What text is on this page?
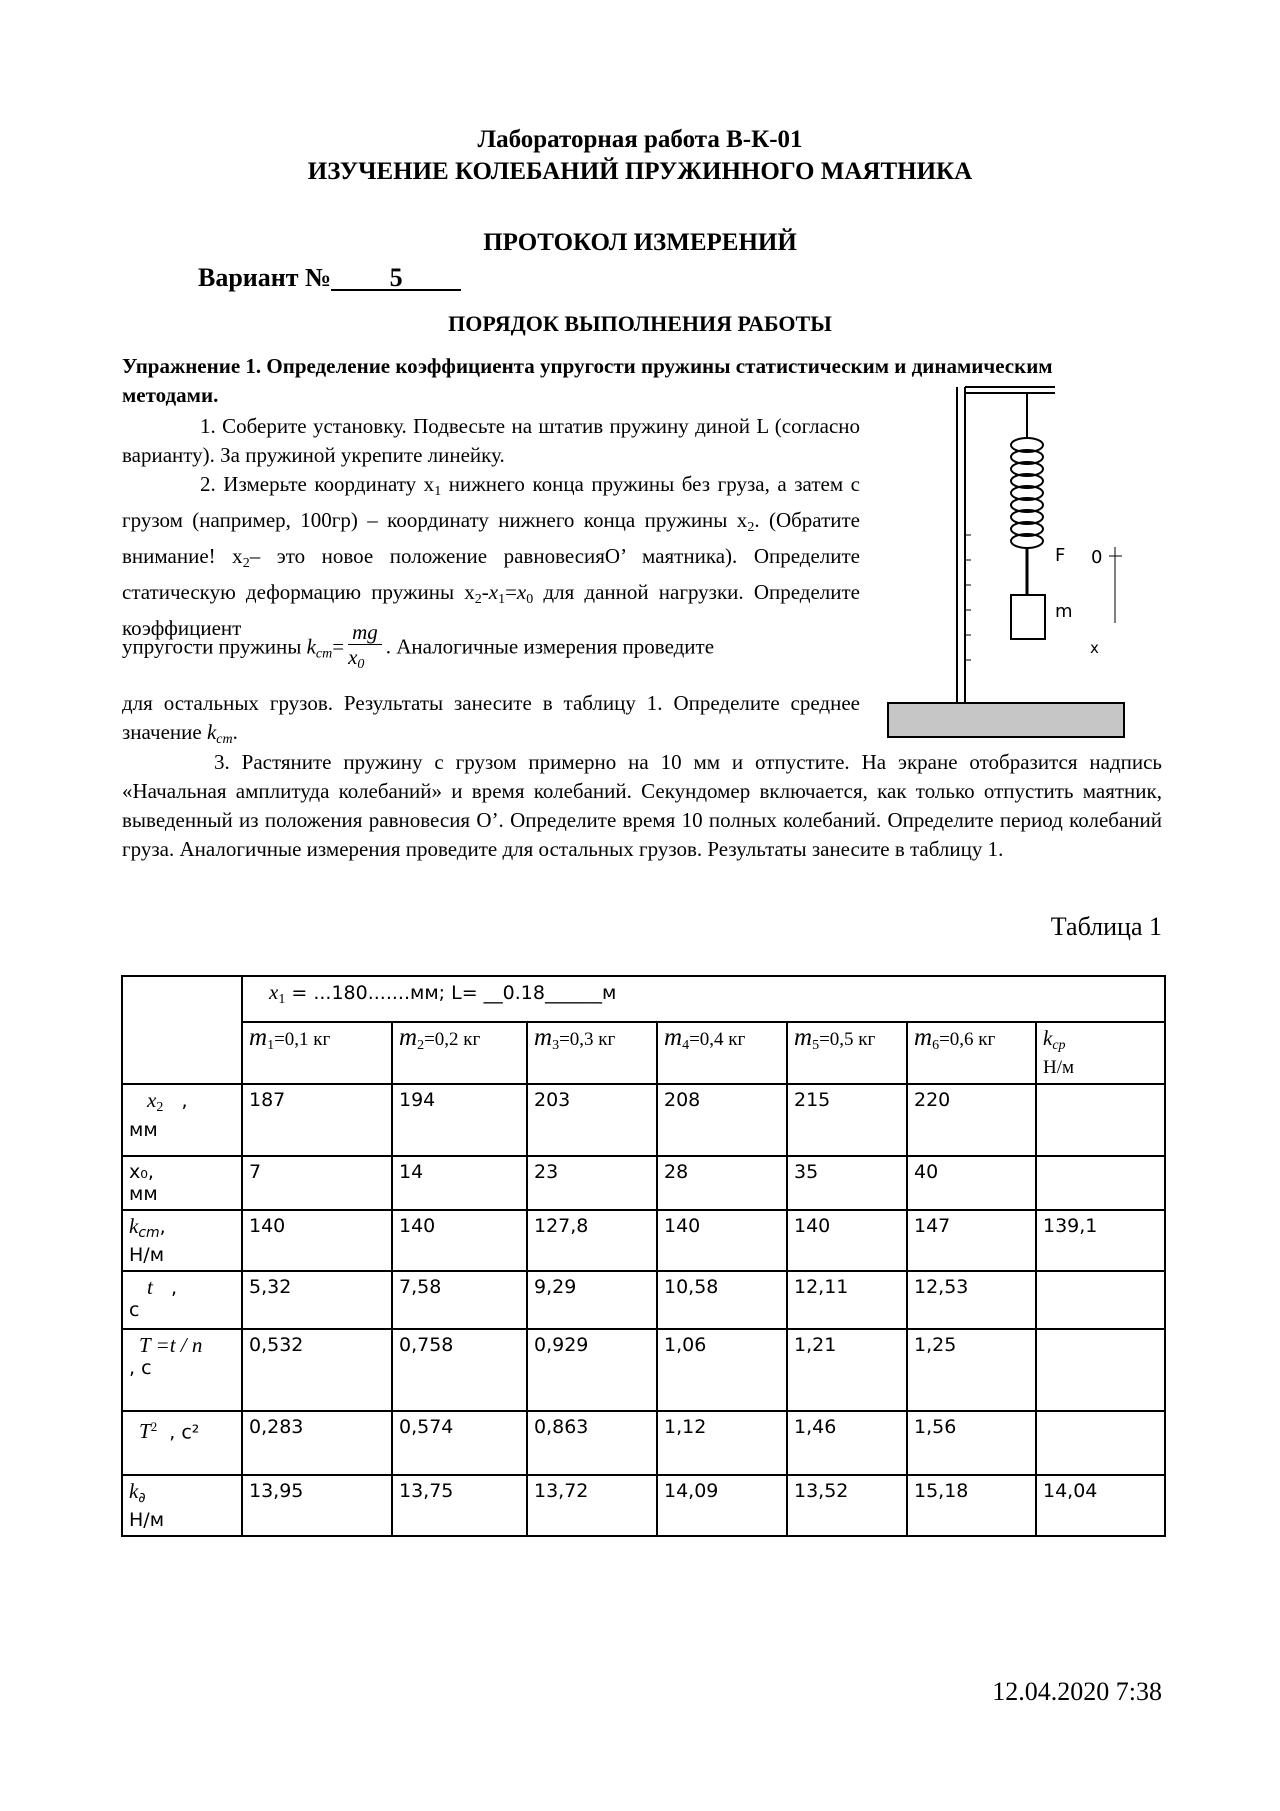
Лабораторная работа В-К-01
ИЗУЧЕНИЕ КОЛЕБАНИЙ ПРУЖИННОГО МАЯТНИКА
ПРОТОКОЛ ИЗМЕРЕНИЙ
Вариант № 5
ПОРЯДОК ВЫПОЛНЕНИЯ РАБОТЫ
Упражнение 1. Определение коэффициента упругости пружины статистическим и динамическим методами.
1. Соберите установку. Подвесьте на штатив пружину диной L (согласно варианту). За пружиной укрепите линейку.
2. Измерьте координату $x_1$ нижнего конца пружины без груза, а затем с грузом (например, 100гр) – координату нижнего конца пружины $x_2$. (Обратите внимание! $x_2-$ это новое положение равновесияО’ маятника). Определите статическую деформацию пружины $x_2-x_1=x_0$ для данной нагрузки. Определите коэффициент
упругости пружины $k_{cm}= \frac{mg}{x_0}$ . Аналогичные измерения проведите
для остальных грузов. Результаты занесите в таблицу 1. Определите среднее значение $k_{cm}$.
3. Растяните пружину с грузом примерно на 10 мм и отпустите. На экране отобразится надпись «Начальная амплитуда колебаний» и время колебаний. Секундомер включается, как только отпустить маятник, выведенный из положения равновесия О’. Определите время 10 полных колебаний. Определите период колебаний груза. Аналогичные измерения проведите для остальных грузов. Результаты занесите в таблицу 1.
F
m
0
x
Таблица 1
	$x_1 = ...180.......мм$; L= __0.18______м						
	$m_1=0,1$ кг	$m_2=0,2$ кг	$m_3=0,3$ кг	$m_4=0,4$ кг	$m_5=0,5$ кг	$m_6=0,6$ кг	$k_{cp}$
Н/м
$x_2$   ,
мм	187	194	203	208	215	220	
x₀,
мм	7	14	23	28	35	40	
$k_{cm}$,
Н/м	140	140	127,8	140	140	147	139,1
t   ,
с	5,32	7,58	9,29	10,58	12,11	12,53	
T =t / n
, с	0,532	0,758	0,929	1,06	1,21	1,25	
$T^2$ , с²	0,283	0,574	0,863	1,12	1,46	1,56	
$k_\partial$
Н/м	13,95	13,75	13,72	14,09	13,52	15,18	14,04
12.04.2020 7:38
